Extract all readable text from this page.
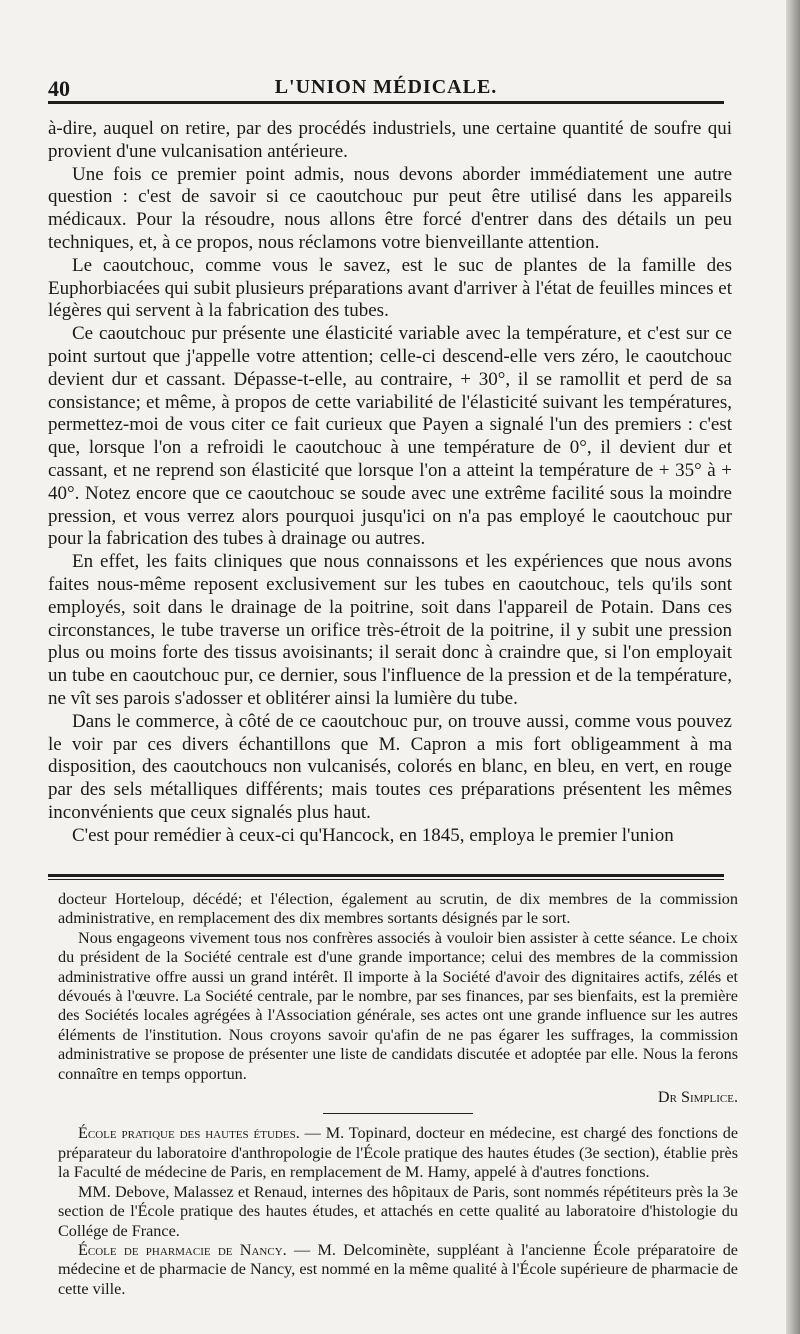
40	L'UNION MÉDICALE.

à-dire, auquel on retire, par des procédés industriels, une certaine quantité de soufre qui provient d'une vulcanisation antérieure.

Une fois ce premier point admis, nous devons aborder immédiatement une autre question : c'est de savoir si ce caoutchouc pur peut être utilisé dans les appareils médicaux. Pour la résoudre, nous allons être forcé d'entrer dans des détails un peu techniques, et, à ce propos, nous réclamons votre bienveillante attention.

Le caoutchouc, comme vous le savez, est le suc de plantes de la famille des Euphorbiacées qui subit plusieurs préparations avant d'arriver à l'état de feuilles minces et légères qui servent à la fabrication des tubes.

Ce caoutchouc pur présente une élasticité variable avec la température, et c'est sur ce point surtout que j'appelle votre attention; celle-ci descend-elle vers zéro, le caoutchouc devient dur et cassant. Dépasse-t-elle, au contraire, + 30°, il se ramollit et perd de sa consistance; et même, à propos de cette variabilité de l'élasticité suivant les températures, permettez-moi de vous citer ce fait curieux que Payen a signalé l'un des premiers : c'est que, lorsque l'on a refroidi le caoutchouc à une température de 0°, il devient dur et cassant, et ne reprend son élasticité que lorsque l'on a atteint la température de + 35° à + 40°. Notez encore que ce caoutchouc se soude avec une extrême facilité sous la moindre pression, et vous verrez alors pourquoi jusqu'ici on n'a pas employé le caoutchouc pur pour la fabrication des tubes à drainage ou autres.

En effet, les faits cliniques que nous connaissons et les expériences que nous avons faites nous-même reposent exclusivement sur les tubes en caoutchouc, tels qu'ils sont employés, soit dans le drainage de la poitrine, soit dans l'appareil de Potain. Dans ces circonstances, le tube traverse un orifice très-étroit de la poitrine, il y subit une pression plus ou moins forte des tissus avoisinants; il serait donc à craindre que, si l'on employait un tube en caoutchouc pur, ce dernier, sous l'influence de la pression et de la température, ne vît ses parois s'adosser et oblitérer ainsi la lumière du tube.

Dans le commerce, à côté de ce caoutchouc pur, on trouve aussi, comme vous pouvez le voir par ces divers échantillons que M. Capron a mis fort obligeamment à ma disposition, des caoutchoucs non vulcanisés, colorés en blanc, en bleu, en vert, en rouge par des sels métalliques différents; mais toutes ces préparations présentent les mêmes inconvénients que ceux signalés plus haut.

C'est pour remédier à ceux-ci qu'Hancock, en 1845, employa le premier l'union

docteur Horteloup, décédé; et l'élection, également au scrutin, de dix membres de la commission administrative, en remplacement des dix membres sortants désignés par le sort.

Nous engageons vivement tous nos confrères associés à vouloir bien assister à cette séance. Le choix du président de la Société centrale est d'une grande importance; celui des membres de la commission administrative offre aussi un grand intérêt. Il importe à la Société d'avoir des dignitaires actifs, zélés et dévoués à l'œuvre. La Société centrale, par le nombre, par ses finances, par ses bienfaits, est la première des Sociétés locales agrégées à l'Association générale, ses actes ont une grande influence sur les autres éléments de l'institution. Nous croyons savoir qu'afin de ne pas égarer les suffrages, la commission administrative se propose de présenter une liste de candidats discutée et adoptée par elle. Nous la ferons connaître en temps opportun.

Dr Simplice.

École pratique des hautes études. — M. Topinard, docteur en médecine, est chargé des fonctions de préparateur du laboratoire d'anthropologie de l'École pratique des hautes études (3e section), établie près la Faculté de médecine de Paris, en remplacement de M. Hamy, appelé à d'autres fonctions.

MM. Debove, Malassez et Renaud, internes des hôpitaux de Paris, sont nommés répétiteurs près la 3e section de l'École pratique des hautes études, et attachés en cette qualité au laboratoire d'histologie du Collége de France.

École de pharmacie de Nancy. — M. Delcominète, suppléant à l'ancienne École préparatoire de médecine et de pharmacie de Nancy, est nommé en la même qualité à l'École supérieure de pharmacie de cette ville.
